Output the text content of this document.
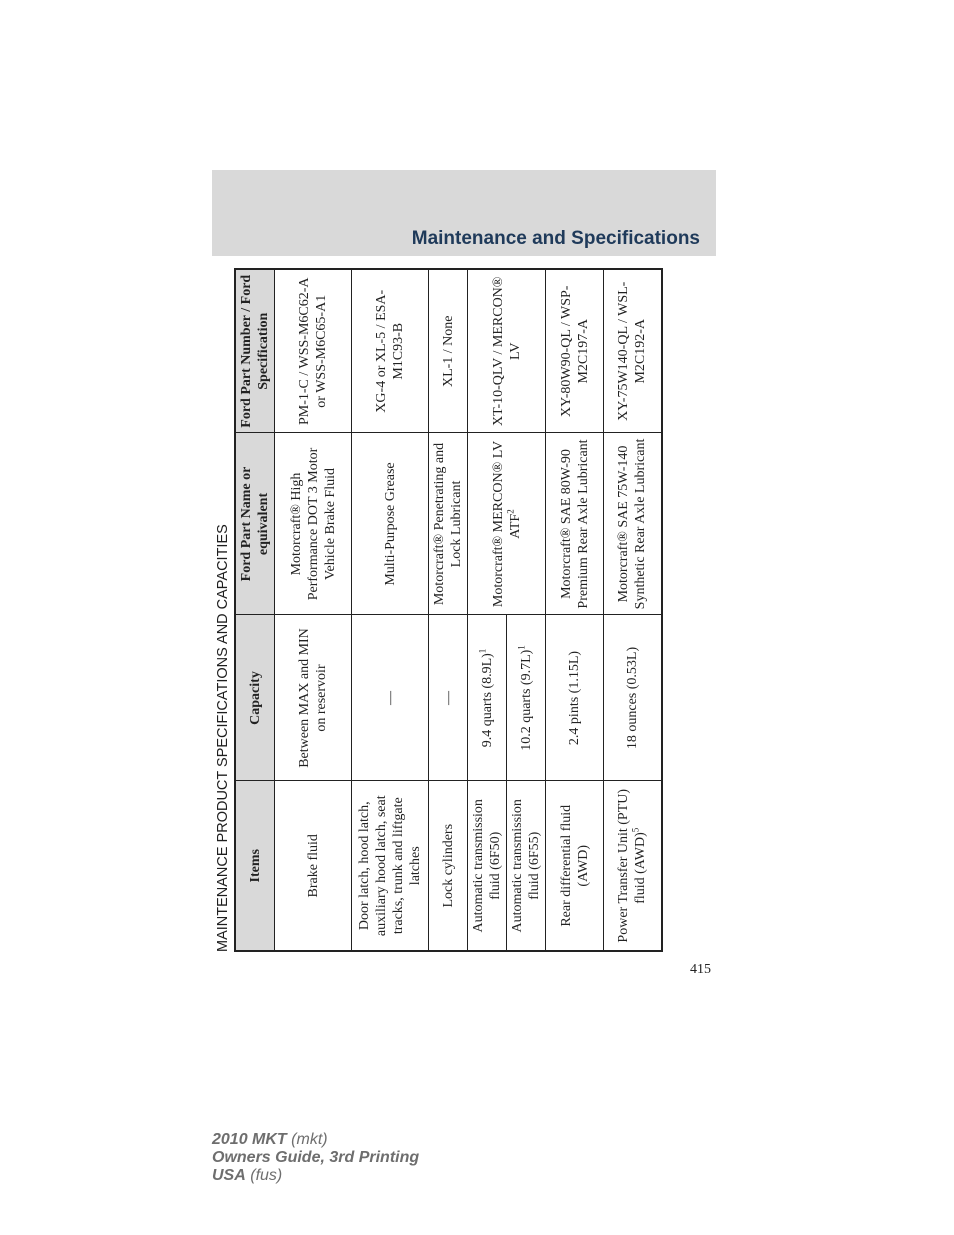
Maintenance and Specifications
MAINTENANCE PRODUCT SPECIFICATIONS AND CAPACITIES Items	Capacity	Ford Part Name or equivalent	Ford Part Number / Ford Specification
Brake fluid	Between MAX and MIN on reservoir	Motorcraft® High Performance DOT 3 Motor Vehicle Brake Fluid	PM-1-C / WSS-M6C62-A or WSS-M6C65-A1
Door latch, hood latch, auxiliary hood latch, seat tracks, trunk and liftgate latches	—	Multi-Purpose Grease	XG-4 or XL-5 / ESA-M1C93-B
Lock cylinders	—	Motorcraft® Penetrating and Lock Lubricant	XL-1 / None
Automatic transmission fluid (6F50)	9.4 quarts $(8.9L)^1$	Motorcraft® MERCON® LV ATF$^2$	XT-10-QLV / MERCON® LV
Automatic transmission fluid (6F55)	10.2 quarts $(9.7L)^1$
Rear differential fluid (AWD)	2.4 pints (1.15L)	Motorcraft® SAE 80W-90 Premium Rear Axle Lubricant	XY-80W90-QL / WSP-M2C197-A
Power Transfer Unit (PTU) fluid (AWD)$^5$	18 ounces (0.53L)	Motorcraft® SAE 75W-140 Synthetic Rear Axle Lubricant	XY-75W140-QL / WSL-M2C192-A
415
2010 MKT (mkt)
Owners Guide, 3rd Printing
USA (fus)
